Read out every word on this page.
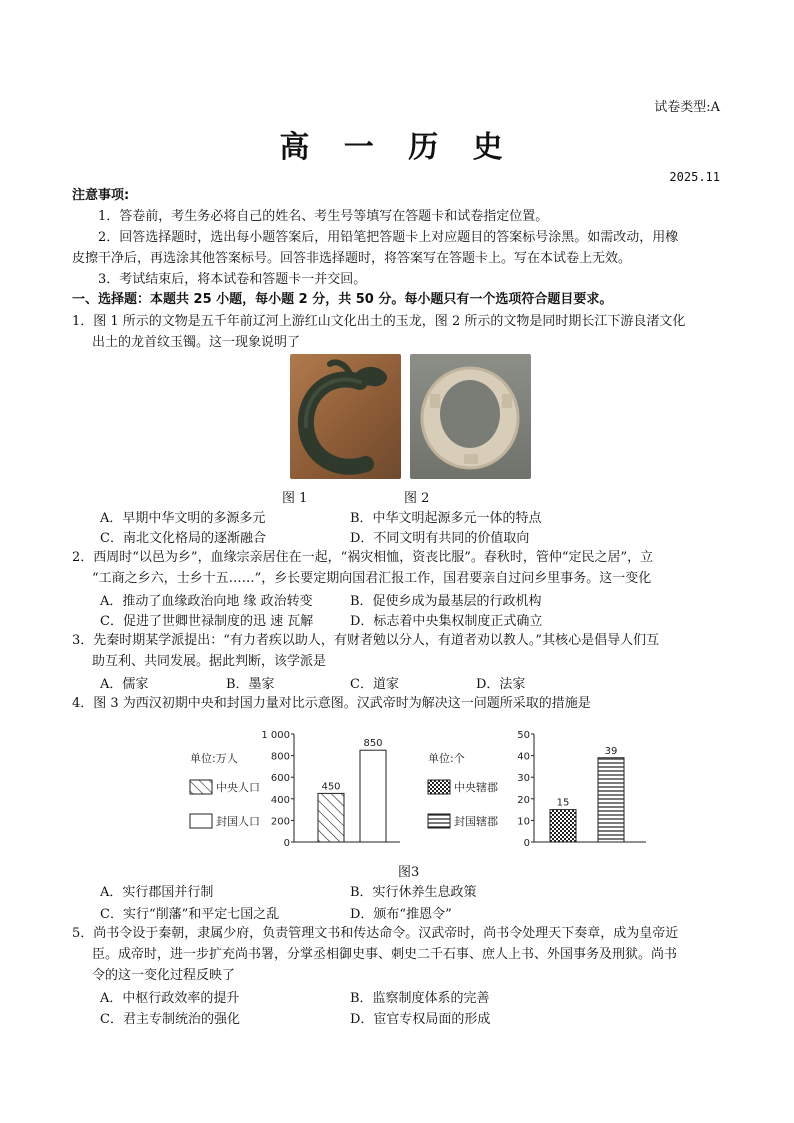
试卷类型:A
高 一 历 史
2025.11
注意事项:
1．答卷前，考生务必将自己的姓名、考生号等填写在答题卡和试卷指定位置。
2．回答选择题时，选出每小题答案后，用铅笔把答题卡上对应题目的答案标号涂黑。如需改动，用橡
皮擦干净后，再选涂其他答案标号。回答非选择题时，将答案写在答题卡上。写在本试卷上无效。
3．考试结束后，将本试卷和答题卡一并交回。
一、选择题：本题共 25 小题，每小题 2 分，共 50 分。每小题只有一个选项符合题目要求。
1．图 1 所示的文物是五千年前辽河上游红山文化出土的玉龙，图 2 所示的文物是同时期长江下游良渚文化
出土的龙首纹玉镯。这一现象说明了
图 1	图 2
A．早期中华文明的多源多元	B．中华文明起源多元一体的特点
C．南北文化格局的逐渐融合	D．不同文明有共同的价值取向
2．西周时“以邑为乡”，血缘宗亲居住在一起，“祸灾相恤，资丧比服”。春秋时，管仲“定民之居”，立
“工商之乡六，士乡十五……”，乡长要定期向国君汇报工作，国君要亲自过问乡里事务。这一变化
A．推动了血缘政治向地 缘 政治转变	B．促使乡成为最基层的行政机构
C．促进了世卿世禄制度的迅 速 瓦解	D．标志着中央集权制度正式确立
3．先秦时期某学派提出：“有力者疾以助人，有财者勉以分人，有道者劝以教人。”其核心是倡导人们互
助互利、共同发展。据此判断，该学派是
A．儒家	B．墨家	C．道家	D．法家
4．图 3 为西汉初期中央和封国力量对比示意图。汉武帝时为解决这一问题所采取的措施是
0
200
400
600
800
1 000
450
850
单位:万人
中央人口
封国人口
0
10
20
30
40
50
15
39
单位:个
中央辖郡
封国辖郡
图3
A．实行郡国并行制	B．实行休养生息政策
C．实行“削藩”和平定七国之乱	D．颁布“推恩令”
5．尚书令设于秦朝，隶属少府，负责管理文书和传达命令。汉武帝时，尚书令处理天下奏章，成为皇帝近
臣。成帝时，进一步扩充尚书署，分掌丞相御史事、刺史二千石事、庶人上书、外国事务及刑狱。尚书
令的这一变化过程反映了
A．中枢行政效率的提升	B．监察制度体系的完善
C．君主专制统治的强化	D．宦官专权局面的形成
